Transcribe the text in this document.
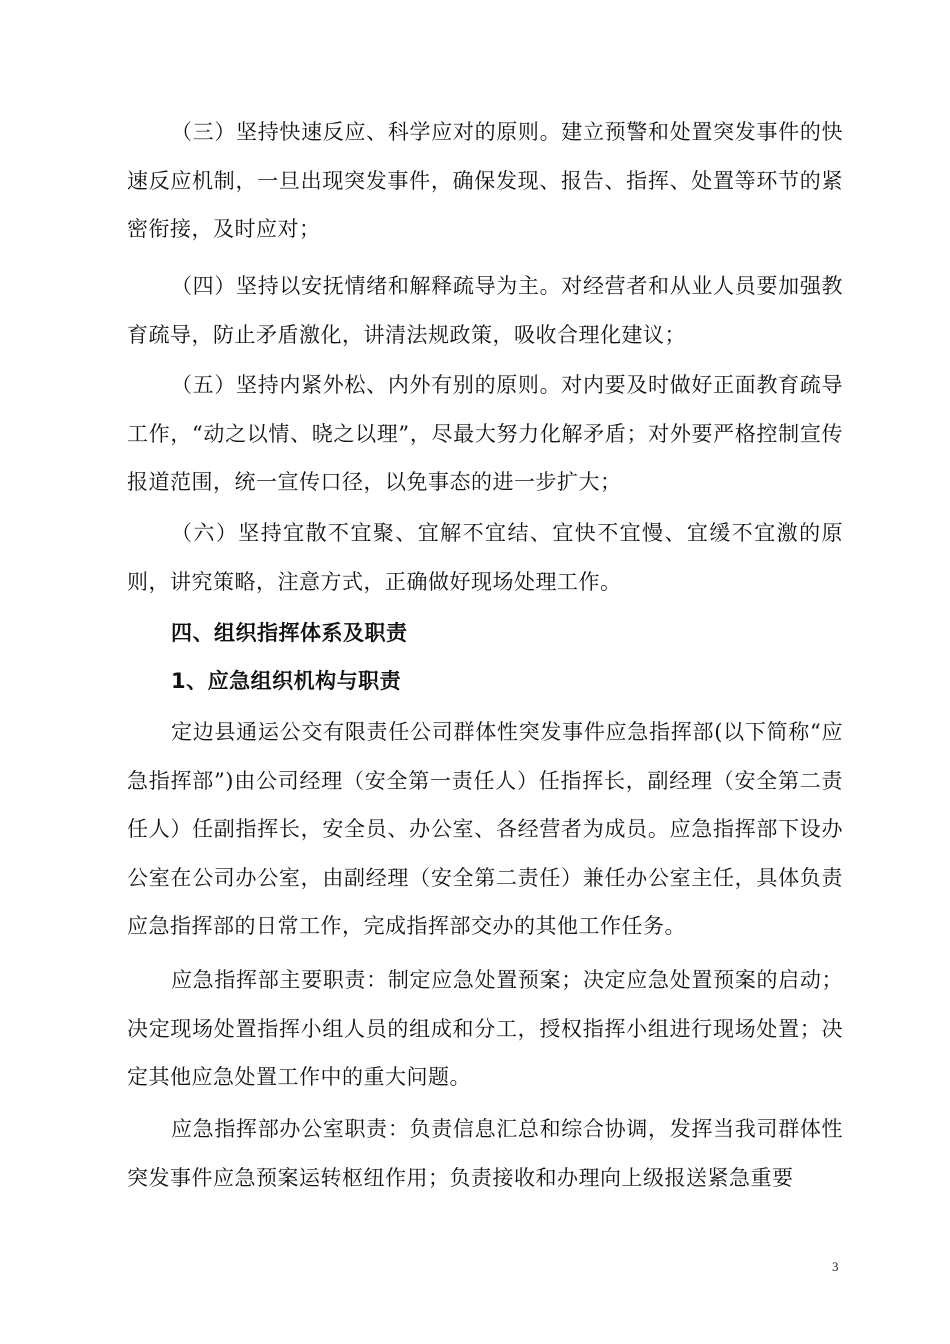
（三）坚持快速反应、科学应对的原则。建立预警和处置突发事件的快速反应机制，一旦出现突发事件，确保发现、报告、指挥、处置等环节的紧密衔接，及时应对；

（四）坚持以安抚情绪和解释疏导为主。对经营者和从业人员要加强教育疏导，防止矛盾激化，讲清法规政策，吸收合理化建议；

（五）坚持内紧外松、内外有别的原则。对内要及时做好正面教育疏导工作，“动之以情、晓之以理”，尽最大努力化解矛盾；对外要严格控制宣传报道范围，统一宣传口径，以免事态的进一步扩大；

（六）坚持宜散不宜聚、宜解不宜结、宜快不宜慢、宜缓不宜激的原则，讲究策略，注意方式，正确做好现场处理工作。

四、组织指挥体系及职责
1、应急组织机构与职责

定边县通运公交有限责任公司群体性突发事件应急指挥部(以下简称“应急指挥部”)由公司经理（安全第一责任人）任指挥长，副经理（安全第二责任人）任副指挥长，安全员、办公室、各经营者为成员。应急指挥部下设办公室在公司办公室，由副经理（安全第二责任）兼任办公室主任，具体负责应急指挥部的日常工作，完成指挥部交办的其他工作任务。

应急指挥部主要职责：制定应急处置预案；决定应急处置预案的启动；决定现场处置指挥小组人员的组成和分工，授权指挥小组进行现场处置；决定其他应急处置工作中的重大问题。

应急指挥部办公室职责：负责信息汇总和综合协调，发挥当我司群体性突发事件应急预案运转枢纽作用；负责接收和办理向上级报送紧急重要

3
